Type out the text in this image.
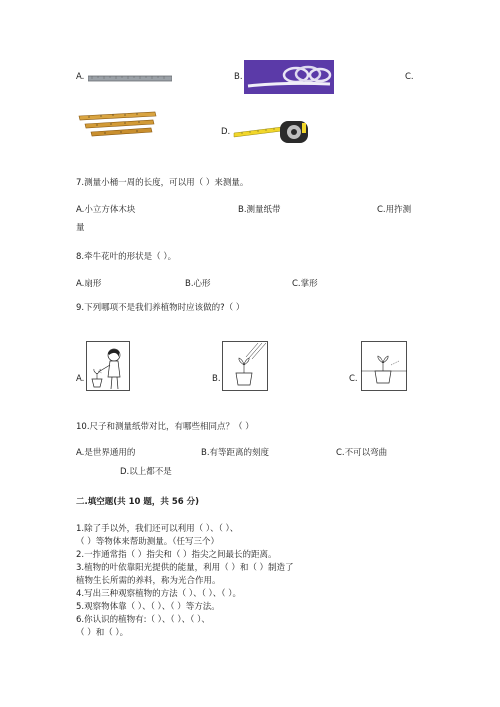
A.	B.	C.
D.
7.测量小桶一周的长度，可以用（ ）来测量。
A.小立方体木块	B.测量纸带	C.用拃测
量
8.牵牛花叶的形状是（ ）。
A.扇形	B.心形	C.掌形
9.下列哪项不是我们养植物时应该做的?（ ）
A.	B.	C.
10.尺子和测量纸带对比，有哪些相同点？（ ）
A.是世界通用的	B.有等距离的刻度	C.不可以弯曲
D.以上都不是
二.填空题(共 10 题，共 56 分)
1.除了手以外，我们还可以利用（ ）、（ ）、
（ ）等物体来帮助测量。（任写三个）
2.一拃通常指（ ）指尖和（ ）指尖之间最长的距离。
3.植物的叶依靠阳光提供的能量，利用（ ）和（ ）制造了
植物生长所需的养料，称为光合作用。
4.写出三种观察植物的方法（ ）、（ ）、（ ）。
5.观察物体靠（ ）、（ ）、（ ）等方法。
6.你认识的植物有:（ ）、（ ）、（ ）、
（ ）和（ ）。
